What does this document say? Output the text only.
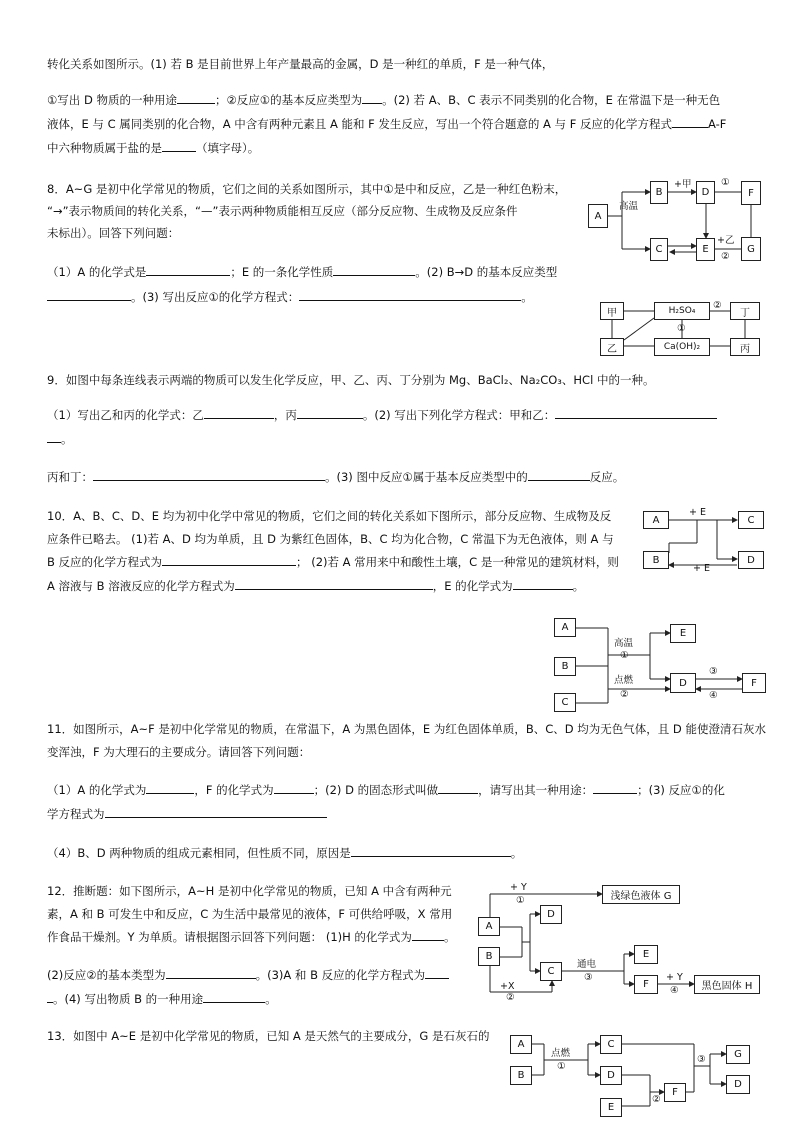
转化关系如图所示。(1) 若 B 是目前世界上年产量最高的金属，D 是一种红的单质，F 是一种气体，
①写出 D 物质的一种用途	；②反应①的基本反应类型为 。(2) 若 A、B、C 表示不同类别的化合物，E 在常温下是一种无色
液体，E 与 C 属同类别的化合物，A 中含有两种元素且 A 能和 F 发生反应，写出一个符合题意的 A 与 F 反应的化学方程式	A-F
中六种物质属于盐的是	（填字母）。
8．A~G 是初中化学常见的物质，它们之间的关系如图所示，其中①是中和反应，乙是一种红色粉末，
“→”表示物质间的转化关系，“—”表示两种物质能相互反应（部分反应物、生成物及反应条件
未标出）。回答下列问题：
（1）A 的化学式是	；E 的一条化学性质	。(2) B→D 的基本反应类型
。(3) 写出反应①的化学方程式：	。
A
B	D	F
C	E	G
高温
+甲	①
+乙
②
甲	H₂SO₄	丁
乙	Ca(OH)₂	丙
①
②
9．如图中每条连线表示两端的物质可以发生化学反应，甲、乙、丙、丁分别为 Mg、BaCl₂、Na₂CO₃、HCl 中的一种。
（1）写出乙和丙的化学式：乙	，丙	。(2) 写出下列化学方程式：甲和乙：
。
丙和丁：	。(3) 图中反应①属于基本反应类型中的	反应。
10．A、B、C、D、E 均为初中化学中常见的物质，它们之间的转化关系如下图所示，部分反应物、生成物及反
应条件已略去。 (1)若 A、D 均为单质，且 D 为紫红色固体，B、C 均为化合物，C 常温下为无色液体，则 A 与
B 反应的化学方程式为	； (2)若 A 常用来中和酸性土壤，C 是一种常见的建筑材料，则
A 溶液与 B 溶液反应的化学方程式为	，E 的化学式为	。
A	C
B	D
+ E
+ E
A
B
C
E
D	F
高温
①
点燃
②
③
④
11．如图所示，A~F 是初中化学常见的物质，在常温下，A 为黑色固体，E 为红色固体单质，B、C、D 均为无色气体，且 D 能使澄清石灰水
变浑浊，F 为大理石的主要成分。请回答下列问题：
（1）A 的化学式为	，F 的化学式为	；(2) D 的固态形式叫做	，请写出其一种用途：	；(3) 反应①的化
学方程式为
（4）B、D 两种物质的组成元素相同，但性质不同，原因是	。
12．推断题：如下图所示，A~H 是初中化学常见的物质，已知 A 中含有两种元
素，A 和 B 可发生中和反应，C 为生活中最常见的液体，F 可供给呼吸，X 常用
作食品干燥剂。Y 为单质。请根据图示回答下列问题： (1)H 的化学式为	。
(2)反应②的基本类型为	。(3)A 和 B 反应的化学方程式为
。(4) 写出物质 B 的一种用途	。
A
B
D
C
E
F
浅绿色液体 G
黑色固体 H
+ Y
①
+X
②
通电
③	+ Y
④
13．如图中 A~E 是初中化学常见的物质，已知 A 是天然气的主要成分，G 是石灰石的
A
B
C
D
E
F
G
D
点燃
①
②
③
